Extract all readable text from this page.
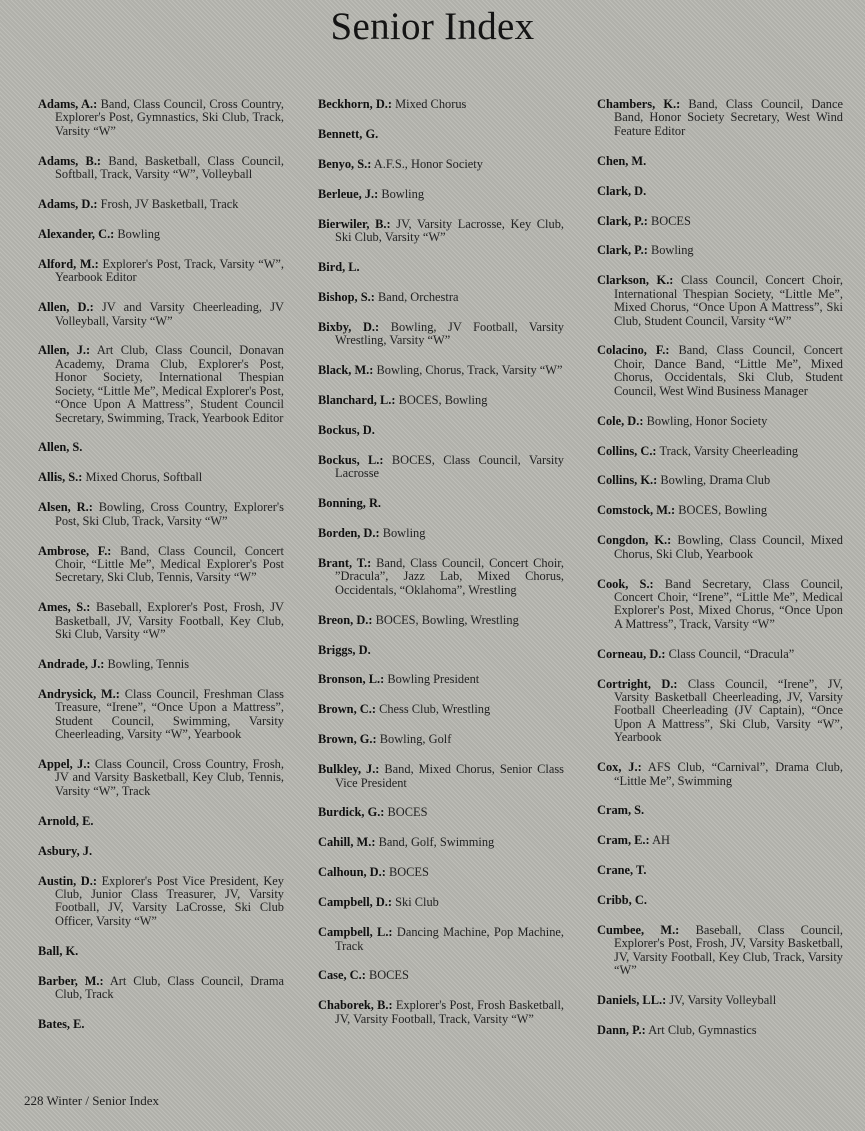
Senior Index
Adams, A.: Band, Class Council, Cross Country, Explorer's Post, Gymnastics, Ski Club, Track, Varsity “W”
Adams, B.: Band, Basketball, Class Council, Softball, Track, Varsity “W”, Volleyball
Adams, D.: Frosh, JV Basketball, Track
Alexander, C.: Bowling
Alford, M.: Explorer's Post, Track, Varsity “W”, Yearbook Editor
Allen, D.: JV and Varsity Cheerleading, JV Volleyball, Varsity “W”
Allen, J.: Art Club, Class Council, Donavan Academy, Drama Club, Explorer's Post, Honor Society, International Thespian Society, “Little Me”, Medical Explorer's Post, “Once Upon A Mattress”, Student Council Secretary, Swimming, Track, Yearbook Editor
Allen, S.
Allis, S.: Mixed Chorus, Softball
Alsen, R.: Bowling, Cross Country, Explorer's Post, Ski Club, Track, Varsity “W”
Ambrose, F.: Band, Class Council, Concert Choir, “Little Me”, Medical Explorer's Post Secretary, Ski Club, Tennis, Varsity “W”
Ames, S.: Baseball, Explorer's Post, Frosh, JV Basketball, JV, Varsity Football, Key Club, Ski Club, Varsity “W”
Andrade, J.: Bowling, Tennis
Andrysick, M.: Class Council, Freshman Class Treasure, “Irene”, “Once Upon a Mattress”, Student Council, Swimming, Varsity Cheerleading, Varsity “W”, Yearbook
Appel, J.: Class Council, Cross Country, Frosh, JV and Varsity Basketball, Key Club, Tennis, Varsity “W”, Track
Arnold, E.
Asbury, J.
Austin, D.: Explorer's Post Vice President, Key Club, Junior Class Treasurer, JV, Varsity Football, JV, Varsity LaCrosse, Ski Club Officer, Varsity “W”
Ball, K.
Barber, M.: Art Club, Class Council, Drama Club, Track
Bates, E.
Beckhorn, D.: Mixed Chorus
Bennett, G.
Benyo, S.: A.F.S., Honor Society
Berleue, J.: Bowling
Bierwiler, B.: JV, Varsity Lacrosse, Key Club, Ski Club, Varsity “W”
Bird, L.
Bishop, S.: Band, Orchestra
Bixby, D.: Bowling, JV Football, Varsity Wrestling, Varsity “W”
Black, M.: Bowling, Chorus, Track, Varsity “W”
Blanchard, L.: BOCES, Bowling
Bockus, D.
Bockus, L.: BOCES, Class Council, Varsity Lacrosse
Bonning, R.
Borden, D.: Bowling
Brant, T.: Band, Class Council, Concert Choir, ”Dracula”, Jazz Lab, Mixed Chorus, Occidentals, “Oklahoma”, Wrestling
Breon, D.: BOCES, Bowling, Wrestling
Briggs, D.
Bronson, L.: Bowling President
Brown, C.: Chess Club, Wrestling
Brown, G.: Bowling, Golf
Bulkley, J.: Band, Mixed Chorus, Senior Class Vice President
Burdick, G.: BOCES
Cahill, M.: Band, Golf, Swimming
Calhoun, D.: BOCES
Campbell, D.: Ski Club
Campbell, L.: Dancing Machine, Pop Machine, Track
Case, C.: BOCES
Chaborek, B.: Explorer's Post, Frosh Basketball, JV, Varsity Football, Track, Varsity “W”
Chambers, K.: Band, Class Council, Dance Band, Honor Society Secretary, West Wind Feature Editor
Chen, M.
Clark, D.
Clark, P.: BOCES
Clark, P.: Bowling
Clarkson, K.: Class Council, Concert Choir, International Thespian Society, “Little Me”, Mixed Chorus, “Once Upon A Mattress”, Ski Club, Student Council, Varsity “W”
Colacino, F.: Band, Class Council, Concert Choir, Dance Band, “Little Me”, Mixed Chorus, Occidentals, Ski Club, Student Council, West Wind Business Manager
Cole, D.: Bowling, Honor Society
Collins, C.: Track, Varsity Cheerleading
Collins, K.: Bowling, Drama Club
Comstock, M.: BOCES, Bowling
Congdon, K.: Bowling, Class Council, Mixed Chorus, Ski Club, Yearbook
Cook, S.: Band Secretary, Class Council, Concert Choir, “Irene”, “Little Me”, Medical Explorer's Post, Mixed Chorus, “Once Upon A Mattress”, Track, Varsity “W”
Corneau, D.: Class Council, “Dracula”
Cortright, D.: Class Council, “Irene”, JV, Varsity Basketball Cheerleading, JV, Varsity Football Cheerleading (JV Captain), “Once Upon A Mattress”, Ski Club, Varsity “W”, Yearbook
Cox, J.: AFS Club, “Carnival”, Drama Club, “Little Me”, Swimming
Cram, S.
Cram, E.: AH
Crane, T.
Cribb, C.
Cumbee, M.: Baseball, Class Council, Explorer's Post, Frosh, JV, Varsity Basketball, JV, Varsity Football, Key Club, Track, Varsity “W”
Daniels, LL.: JV, Varsity Volleyball
Dann, P.: Art Club, Gymnastics
228 Winter / Senior Index
